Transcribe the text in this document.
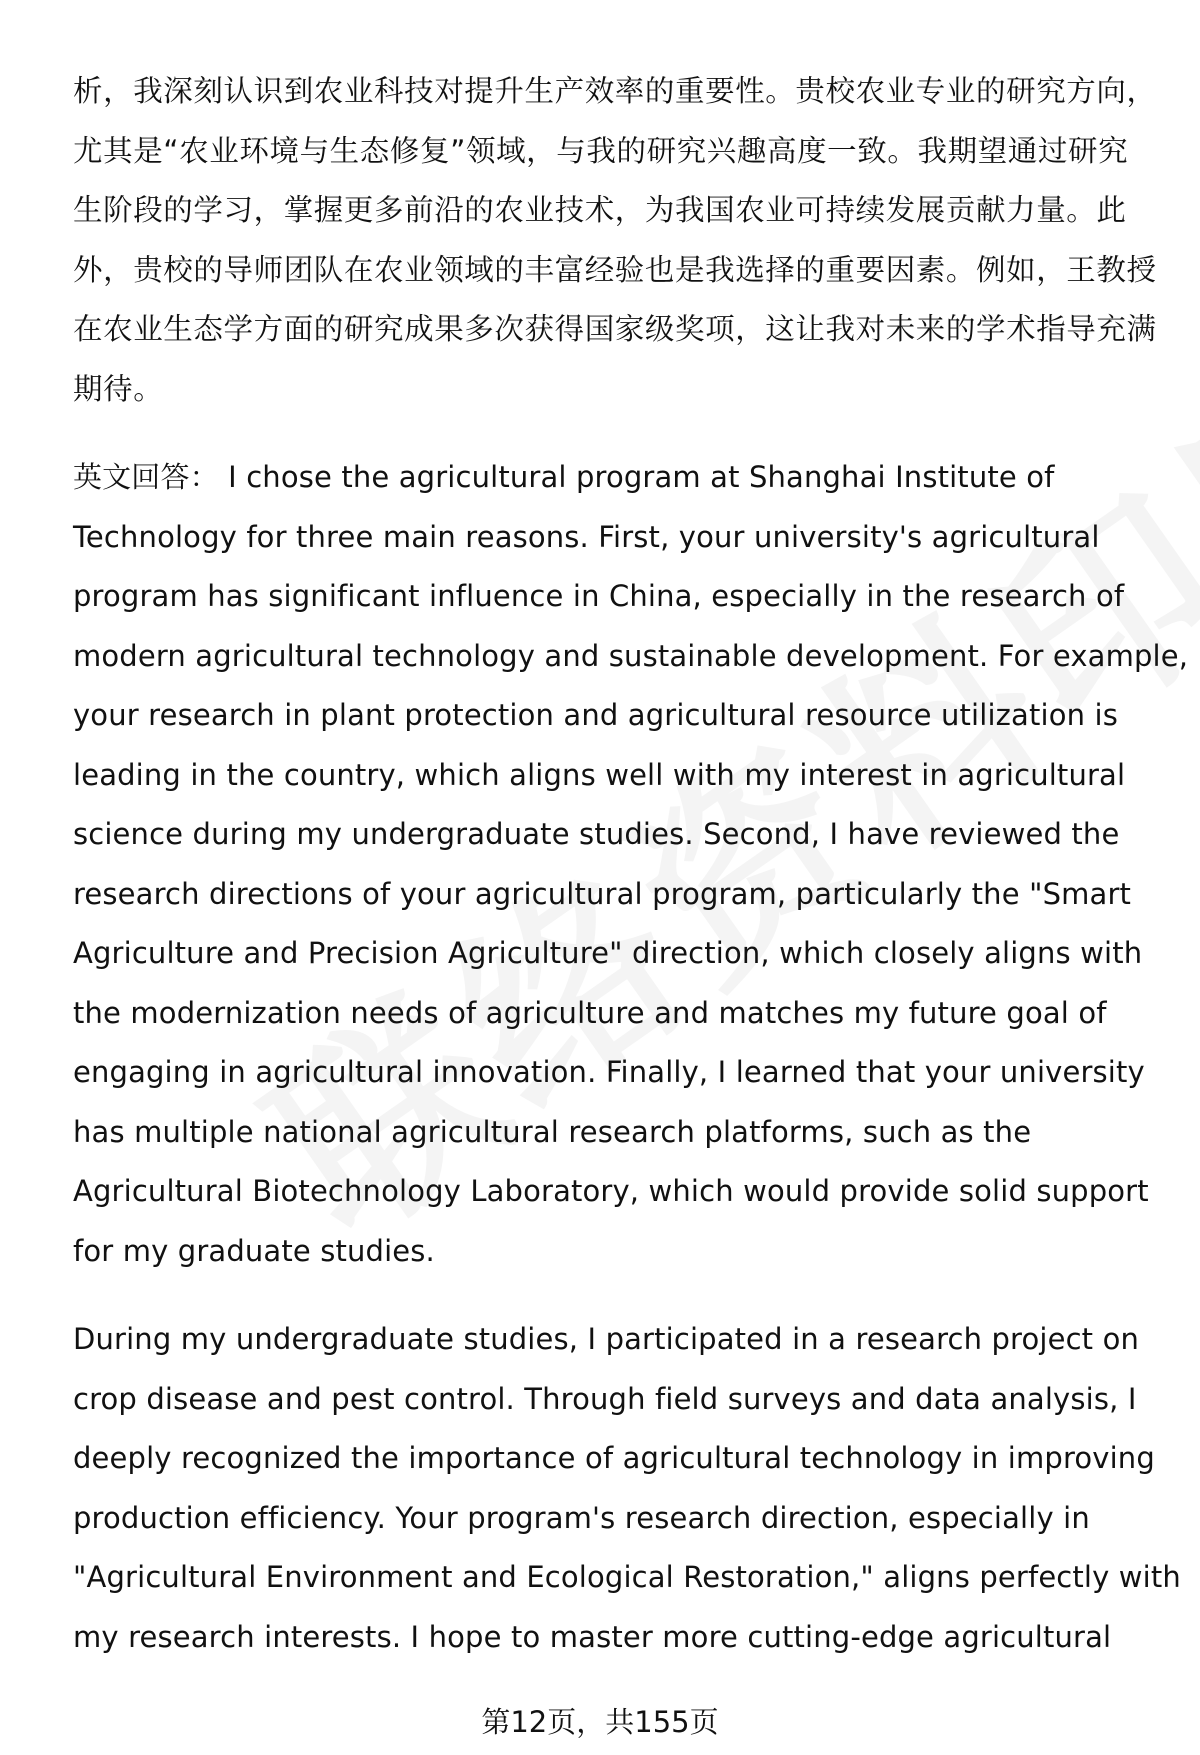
析，我深刻认识到农业科技对提升生产效率的重要性。贵校农业专业的研究方向，
尤其是“农业环境与生态修复”领域，与我的研究兴趣高度一致。我期望通过研究
生阶段的学习，掌握更多前沿的农业技术，为我国农业可持续发展贡献力量。此
外，贵校的导师团队在农业领域的丰富经验也是我选择的重要因素。例如，王教授
在农业生态学方面的研究成果多次获得国家级奖项，这让我对未来的学术指导充满
期待。
英文回答： I chose the agricultural program at Shanghai Institute of
Technology for three main reasons. First, your university's agricultural
program has significant influence in China, especially in the research of
modern agricultural technology and sustainable development. For example,
your research in plant protection and agricultural resource utilization is
leading in the country, which aligns well with my interest in agricultural
science during my undergraduate studies. Second, I have reviewed the
research directions of your agricultural program, particularly the "Smart
Agriculture and Precision Agriculture" direction, which closely aligns with
the modernization needs of agriculture and matches my future goal of
engaging in agricultural innovation. Finally, I learned that your university
has multiple national agricultural research platforms, such as the
Agricultural Biotechnology Laboratory, which would provide solid support
for my graduate studies.
During my undergraduate studies, I participated in a research project on
crop disease and pest control. Through field surveys and data analysis, I
deeply recognized the importance of agricultural technology in improving
production efficiency. Your program's research direction, especially in
"Agricultural Environment and Ecological Restoration," aligns perfectly with
my research interests. I hope to master more cutting-edge agricultural
第12页，共155页
